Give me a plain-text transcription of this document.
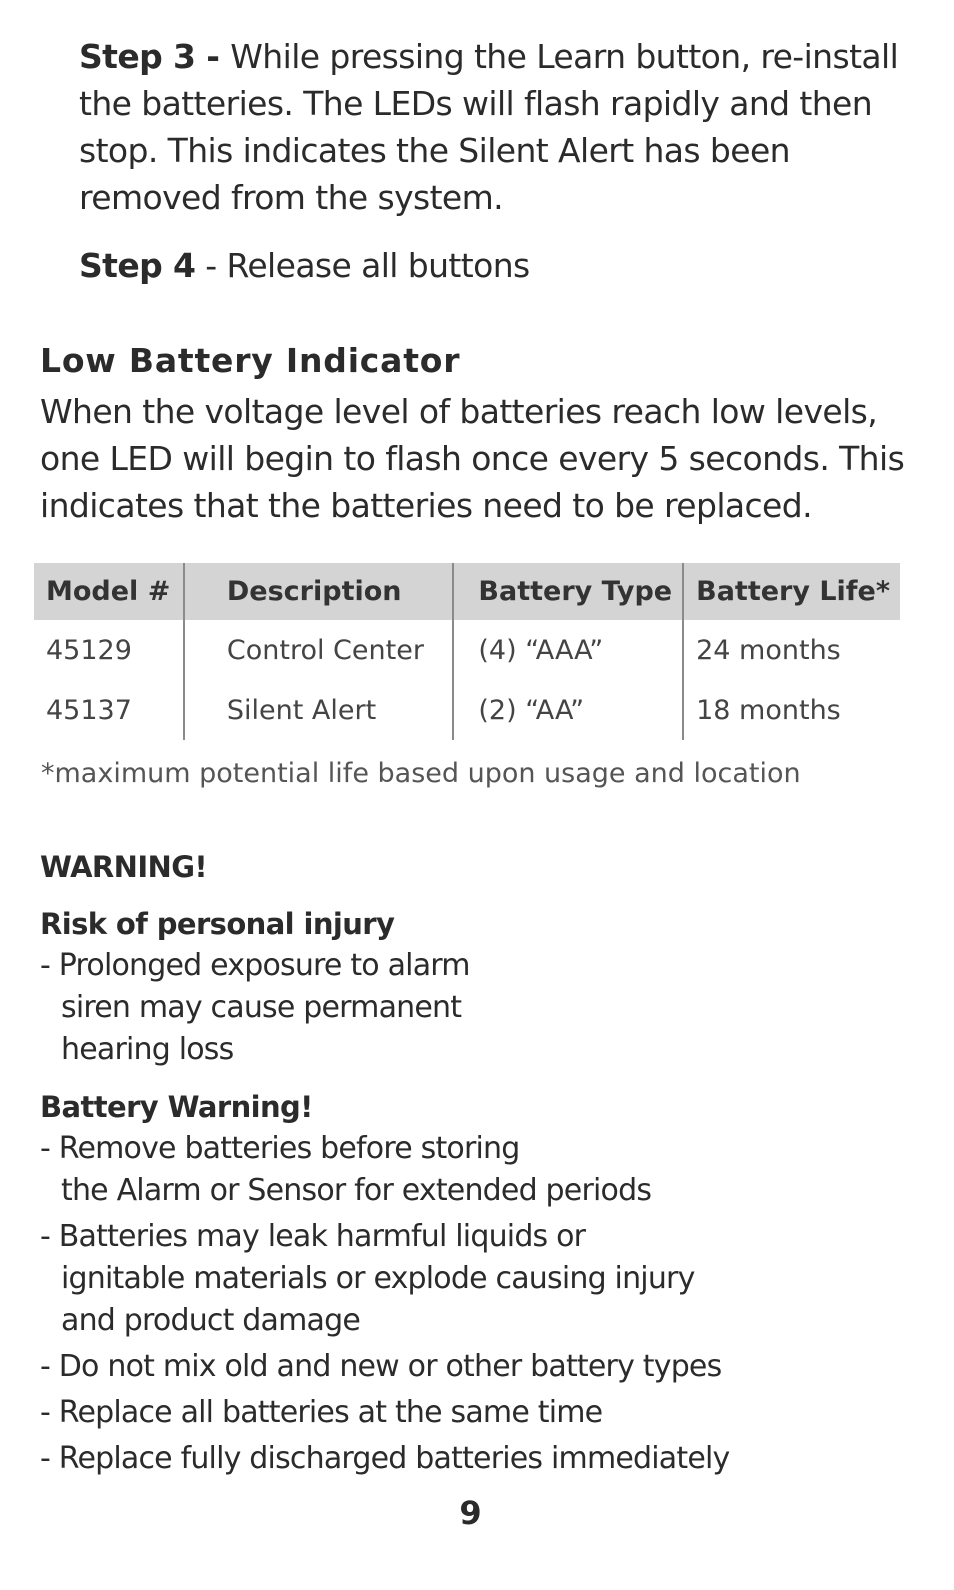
Step 3 - While pressing the Learn button, re-install the batteries. The LEDs will flash rapidly and then stop. This indicates the Silent Alert has been removed from the system.

Step 4 - Release all buttons

Low Battery Indicator

When the voltage level of batteries reach low levels, one LED will begin to flash once every 5 seconds. This indicates that the batteries need to be replaced.

Model #	Description	Battery Type	Battery Life*
45129	Control Center	(4) “AAA”	24 months
45137	Silent Alert	(2) “AA”	18 months

*maximum potential life based upon usage and location

WARNING!
Risk of personal injury
- Prolonged exposure to alarm
siren may cause permanent
hearing loss
Battery Warning!
- Remove batteries before storing
the Alarm or Sensor for extended periods
- Batteries may leak harmful liquids or
ignitable materials or explode causing injury
and product damage
- Do not mix old and new or other battery types
- Replace all batteries at the same time
- Replace fully discharged batteries immediately

9
